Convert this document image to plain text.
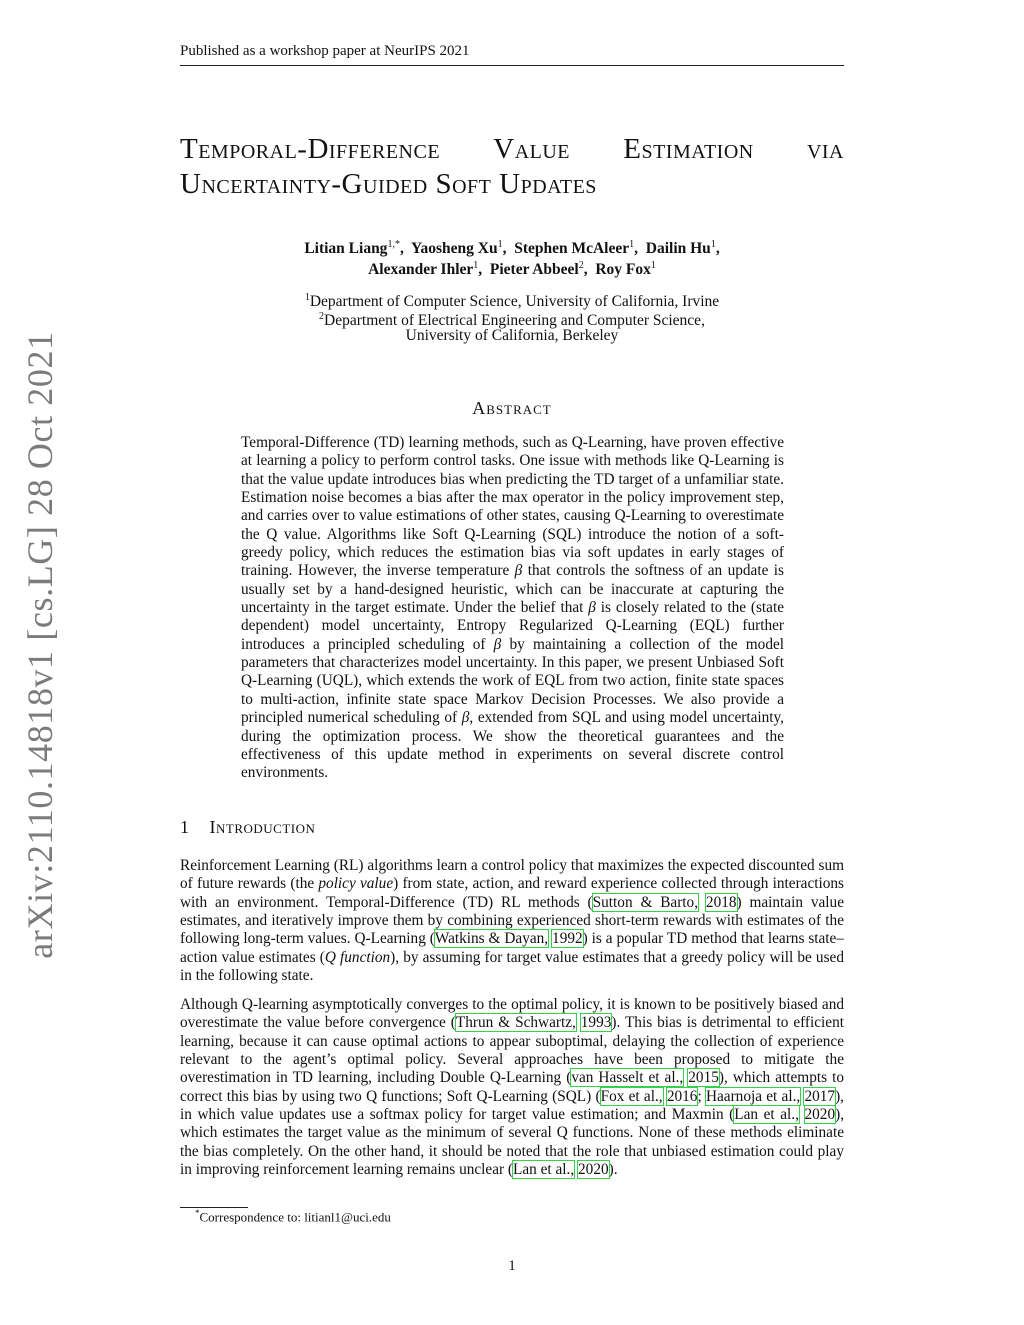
Published as a workshop paper at NeurIPS 2021
arXiv:2110.14818v1 [cs.LG] 28 Oct 2021
Temporal-Difference Value Estimation via
Uncertainty-Guided Soft Updates
Litian Liang$^{1,*}$,  Yaosheng Xu$^1$,  Stephen McAleer$^1$,  Dailin Hu$^1$,
Alexander Ihler$^1$,  Pieter Abbeel$^2$,  Roy Fox$^1$
$^1$Department of Computer Science, University of California, Irvine
$^2$Department of Electrical Engineering and Computer Science,
University of California, Berkeley
Abstract
Temporal-Difference (TD) learning methods, such as Q-Learning, have proven effective at learning a policy to perform control tasks. One issue with methods like Q-Learning is that the value update introduces bias when predicting the TD target of a unfamiliar state. Estimation noise becomes a bias after the max operator in the policy improvement step, and carries over to value estimations of other states, causing Q-Learning to overestimate the Q value. Algorithms like Soft Q-Learning (SQL) introduce the notion of a soft-greedy policy, which reduces the estimation bias via soft updates in early stages of training. However, the inverse temperature β that controls the softness of an update is usually set by a hand-designed heuristic, which can be inaccurate at capturing the uncertainty in the target estimate. Under the belief that β is closely related to the (state dependent) model uncertainty, Entropy Regularized Q-Learning (EQL) further introduces a principled scheduling of β by maintaining a collection of the model parameters that characterizes model uncertainty. In this paper, we present Unbiased Soft Q-Learning (UQL), which extends the work of EQL from two action, finite state spaces to multi-action, infinite state space Markov Decision Processes. We also provide a principled numerical scheduling of β, extended from SQL and using model uncertainty, during the optimization process. We show the theoretical guarantees and the effectiveness of this update method in experiments on several discrete control environments.
1 Introduction
Reinforcement Learning (RL) algorithms learn a control policy that maximizes the expected discounted sum of future rewards (the policy value) from state, action, and reward experience collected through interactions with an environment. Temporal-Difference (TD) RL methods (Sutton & Barto, 2018) maintain value estimates, and iteratively improve them by combining experienced short-term rewards with estimates of the following long-term values. Q-Learning (Watkins & Dayan, 1992) is a popular TD method that learns state–action value estimates (Q function), by assuming for target value estimates that a greedy policy will be used in the following state.
Although Q-learning asymptotically converges to the optimal policy, it is known to be positively biased and overestimate the value before convergence (Thrun & Schwartz, 1993). This bias is detrimental to efficient learning, because it can cause optimal actions to appear suboptimal, delaying the collection of experience relevant to the agent’s optimal policy. Several approaches have been proposed to mitigate the overestimation in TD learning, including Double Q-Learning (van Hasselt et al., 2015), which attempts to correct this bias by using two Q functions; Soft Q-Learning (SQL) (Fox et al., 2016; Haarnoja et al., 2017), in which value updates use a softmax policy for target value estimation; and Maxmin (Lan et al., 2020), which estimates the target value as the minimum of several Q functions. None of these methods eliminate the bias completely. On the other hand, it should be noted that the role that unbiased estimation could play in improving reinforcement learning remains unclear (Lan et al., 2020).
*Correspondence to: litianl1@uci.edu
1
